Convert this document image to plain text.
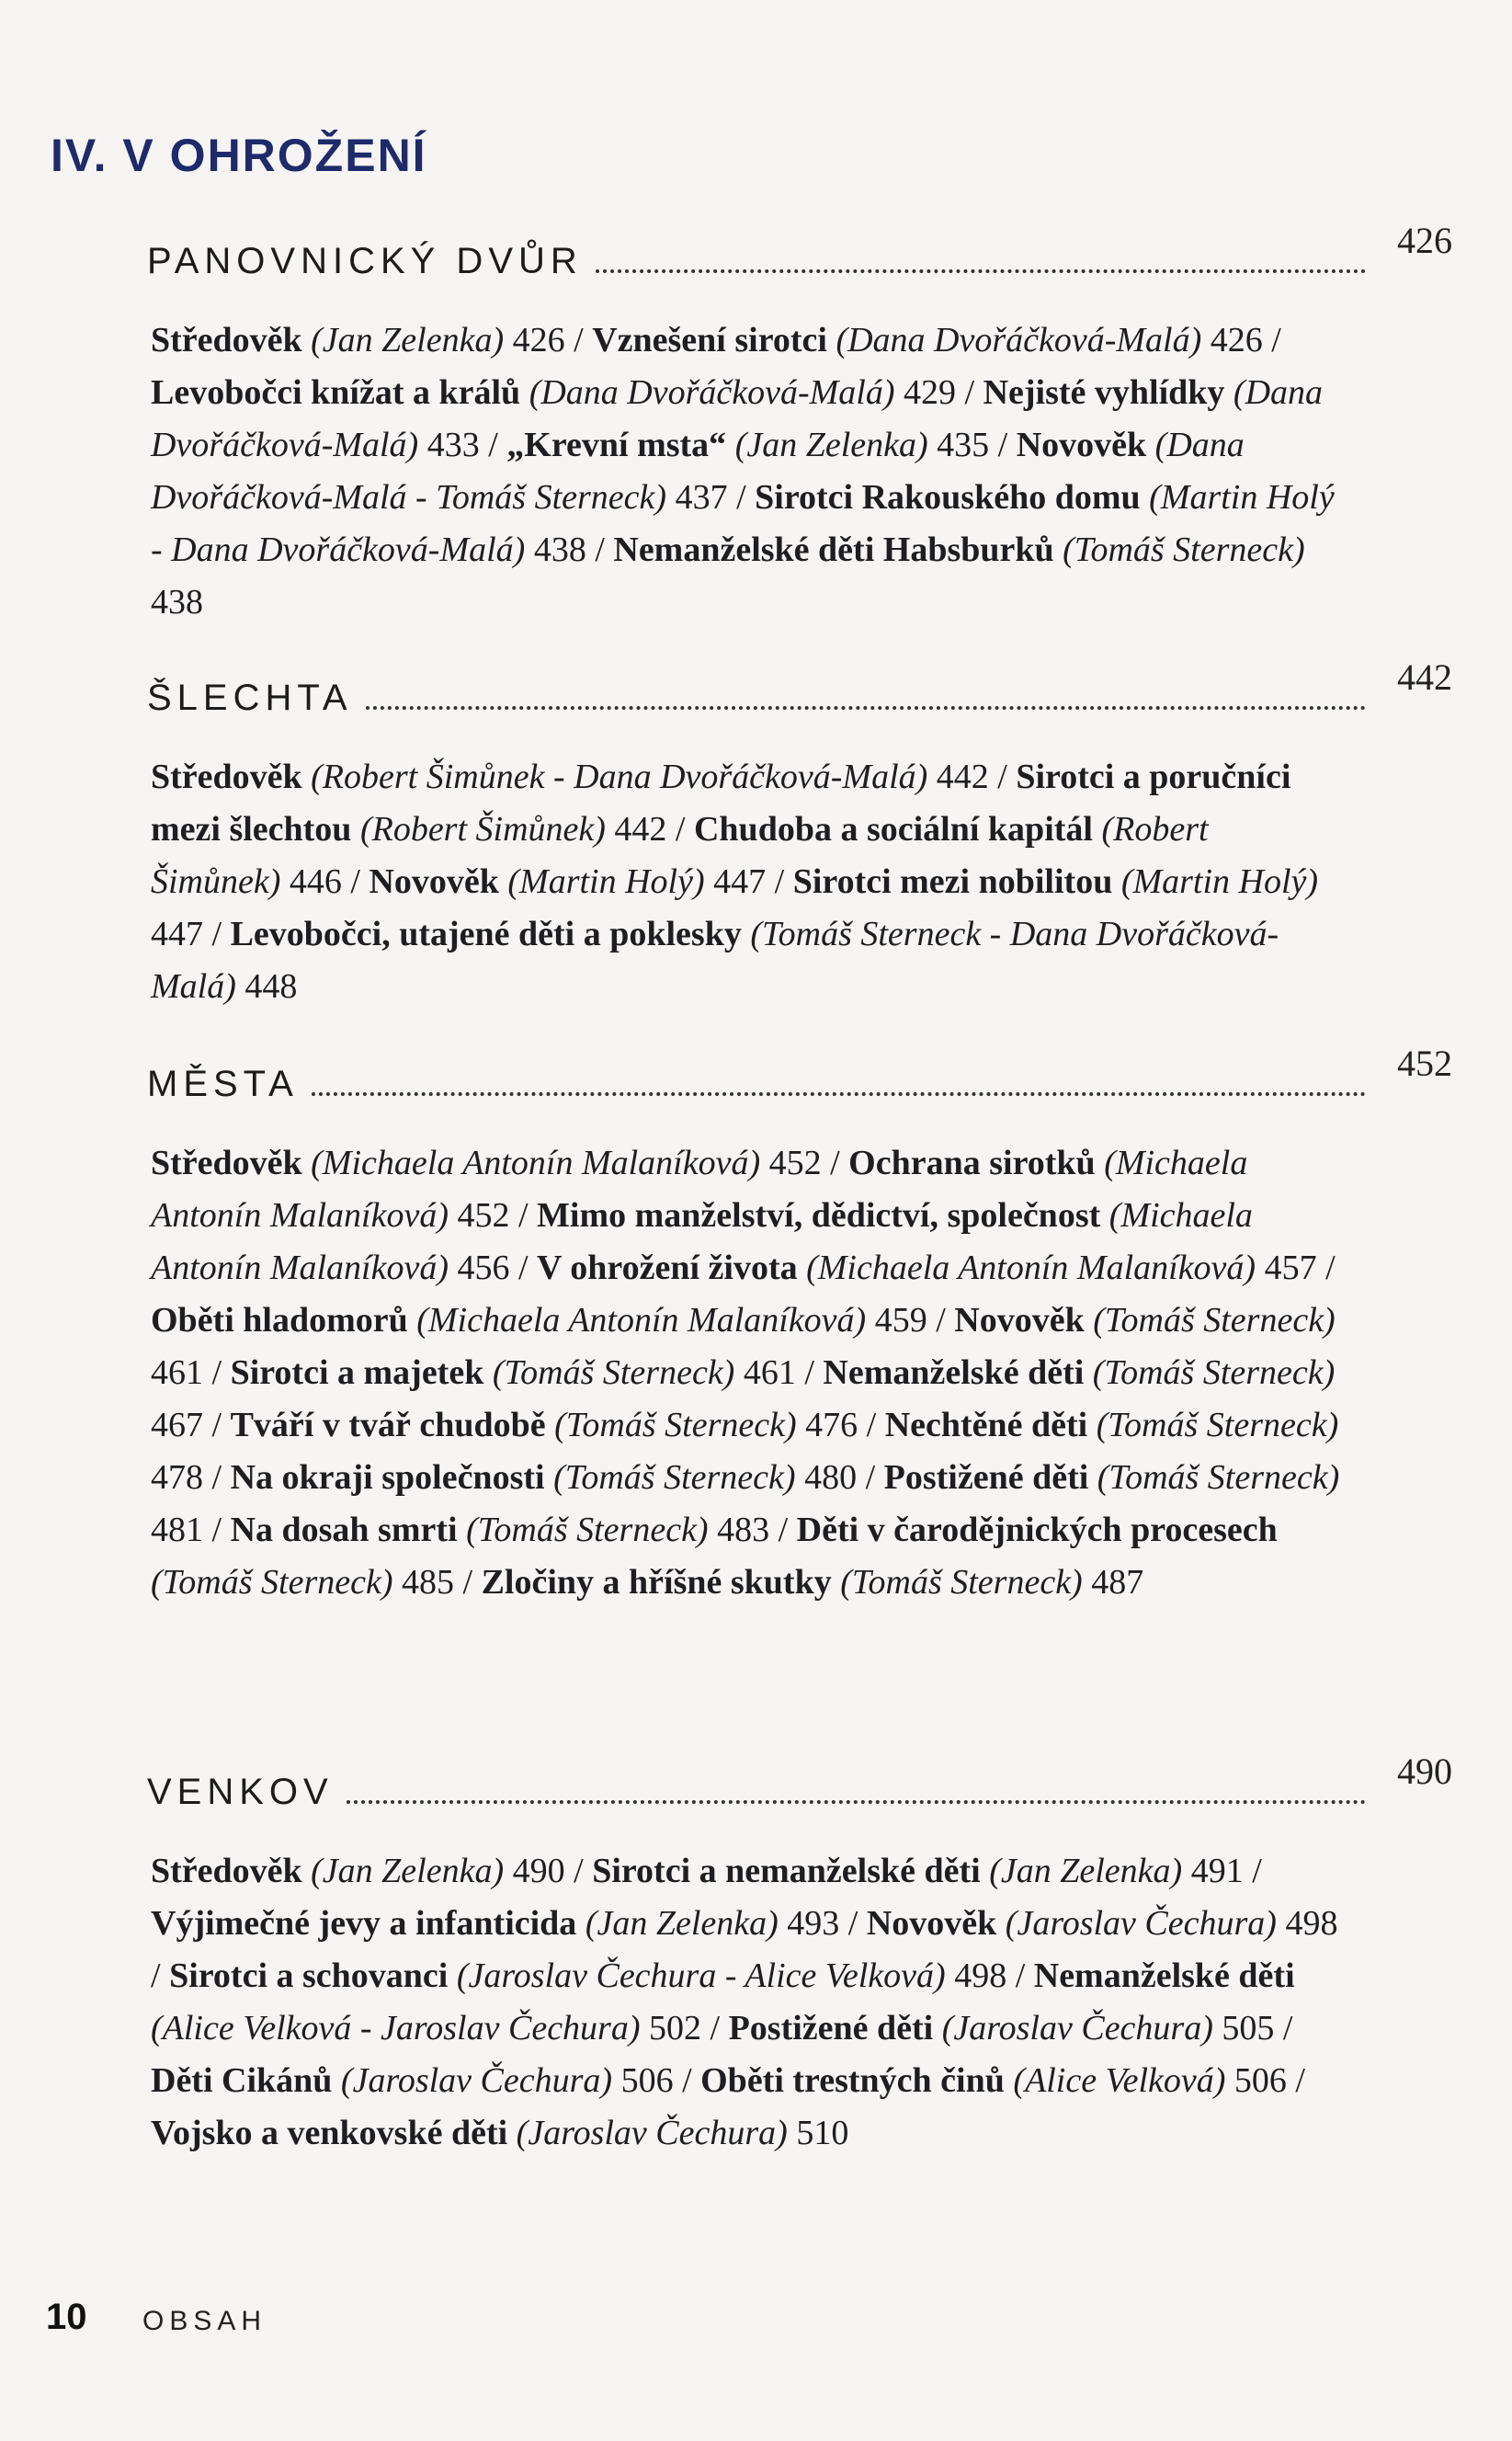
IV. V OHROŽENÍ
PANOVNICKÝ DVŮR	426
Středověk (Jan Zelenka) 426 / Vznešení sirotci (Dana Dvořáčková-Malá) 426 / Levobočci knížat a králů (Dana Dvořáčková-Malá) 429 / Nejisté vyhlídky (Dana Dvořáčková-Malá) 433 / „Krevní msta“ (Jan Zelenka) 435 / Novověk (Dana Dvořáčková-Malá - Tomáš Sterneck) 437 / Sirotci Rakouského domu (Martin Holý - Dana Dvořáčková-Malá) 438 / Nemanželské děti Habsburků (Tomáš Sterneck) 438
ŠLECHTA	442
Středověk (Robert Šimůnek - Dana Dvořáčková-Malá) 442 / Sirotci a poručníci mezi šlechtou (Robert Šimůnek) 442 / Chudoba a sociální kapitál (Robert Šimůnek) 446 / Novověk (Martin Holý) 447 / Sirotci mezi nobilitou (Martin Holý) 447 / Levobočci, utajené děti a poklesky (Tomáš Sterneck - Dana Dvořáčková-Malá) 448
MĚSTA	452
Středověk (Michaela Antonín Malaníková) 452 / Ochrana sirotků (Michaela Antonín Malaníková) 452 / Mimo manželství, dědictví, společnost (Michaela Antonín Malaníková) 456 / V ohrožení života (Michaela Antonín Malaníková) 457 / Oběti hladomorů (Michaela Antonín Malaníková) 459 / Novověk (Tomáš Sterneck) 461 / Sirotci a majetek (Tomáš Sterneck) 461 / Nemanželské děti (Tomáš Sterneck) 467 / Tváří v tvář chudobě (Tomáš Sterneck) 476 / Nechtěné děti (Tomáš Sterneck) 478 / Na okraji společnosti (Tomáš Sterneck) 480 / Postižené děti (Tomáš Sterneck) 481 / Na dosah smrti (Tomáš Sterneck) 483 / Děti v čarodějnických procesech (Tomáš Sterneck) 485 / Zločiny a hříšné skutky (Tomáš Sterneck) 487
VENKOV	490
Středověk (Jan Zelenka) 490 / Sirotci a nemanželské děti (Jan Zelenka) 491 / Výjimečné jevy a infanticida (Jan Zelenka) 493 / Novověk (Jaroslav Čechura) 498 / Sirotci a schovanci (Jaroslav Čechura - Alice Velková) 498 / Nemanželské děti (Alice Velková - Jaroslav Čechura) 502 / Postižené děti (Jaroslav Čechura) 505 / Děti Cikánů (Jaroslav Čechura) 506 / Oběti trestných činů (Alice Velková) 506 / Vojsko a venkovské děti (Jaroslav Čechura) 510
10 OBSAH
